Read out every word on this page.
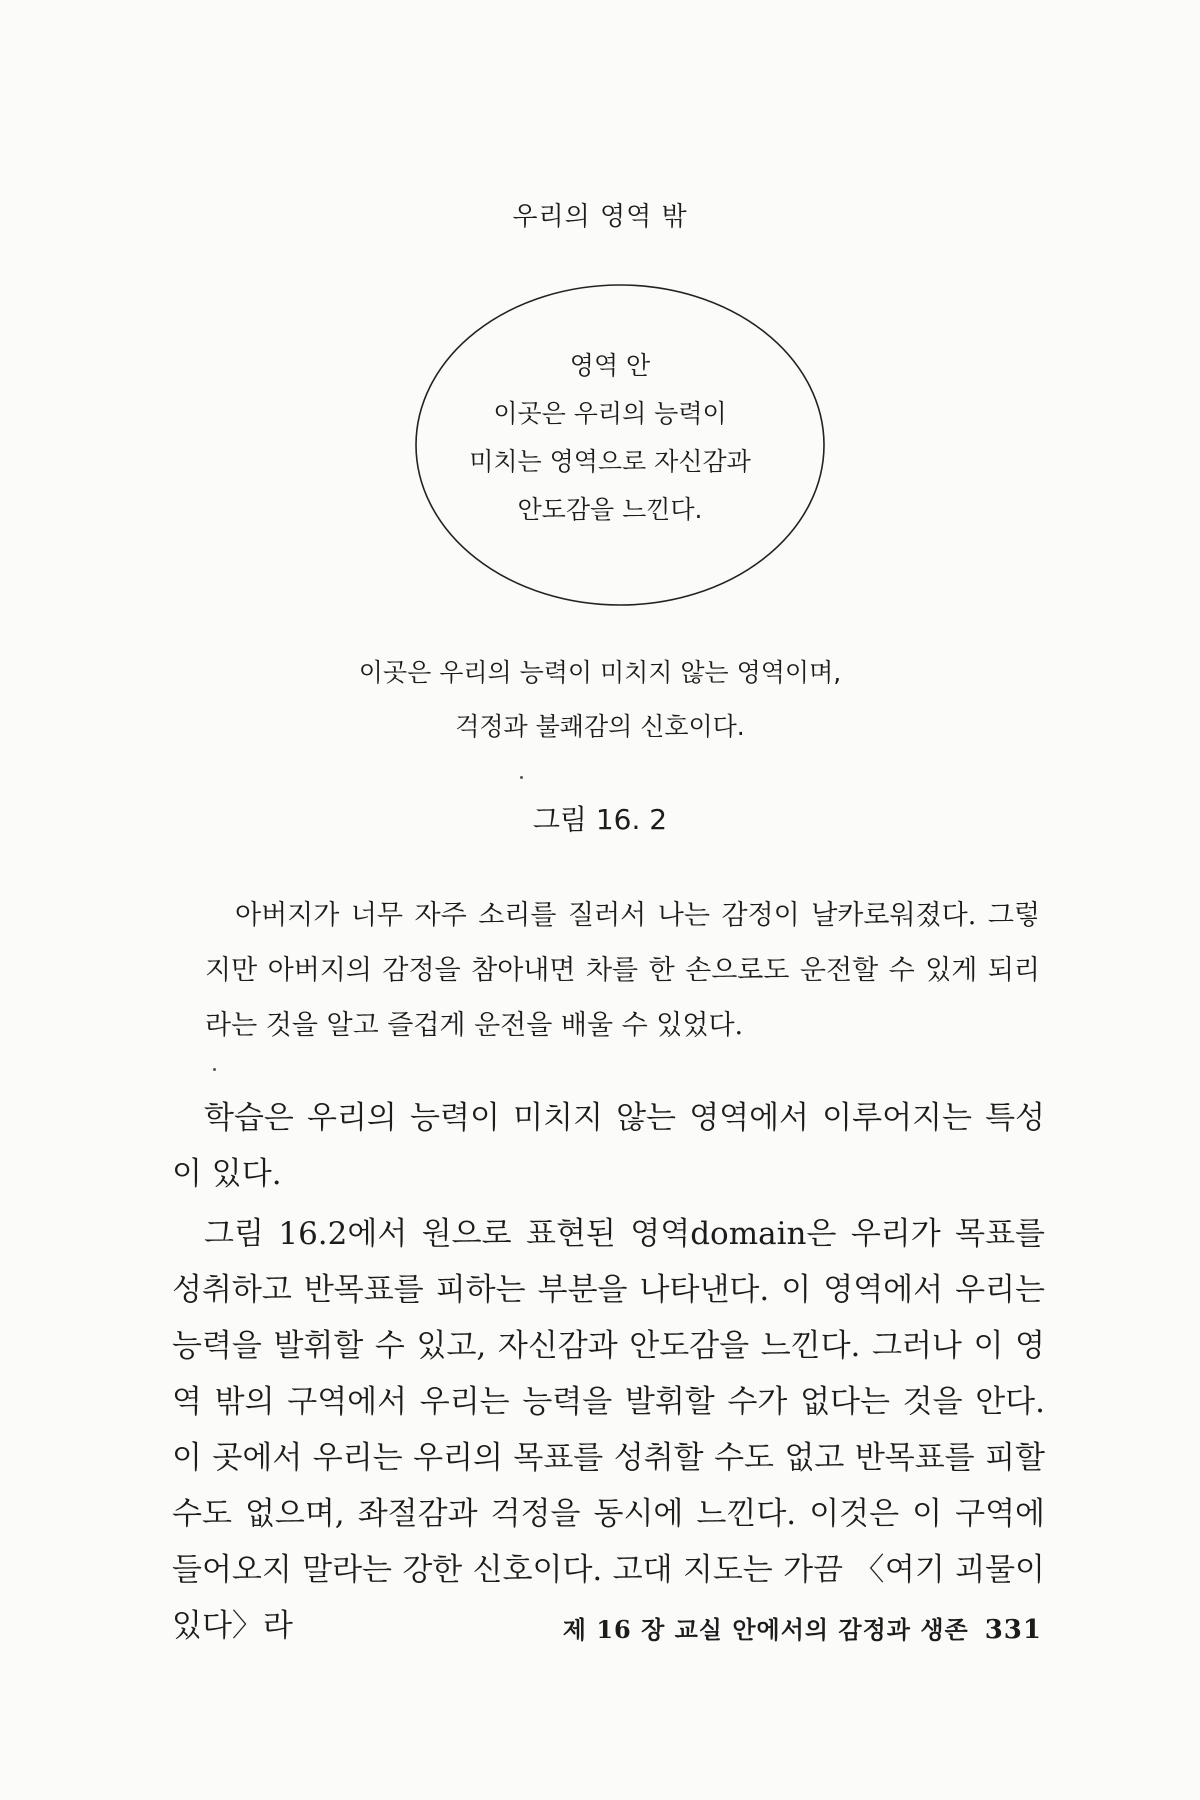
우리의 영역 밖
영역 안
이곳은 우리의 능력이
미치는 영역으로 자신감과
안도감을 느낀다.
이곳은 우리의 능력이 미치지 않는 영역이며,
걱정과 불쾌감의 신호이다.
그림 16. 2

아버지가 너무 자주 소리를 질러서 나는 감정이 날카로워졌다. 그렇지만 아버지의 감정을 참아내면 차를 한 손으로도 운전할 수 있게 되리라는 것을 알고 즐겁게 운전을 배울 수 있었다.

학습은 우리의 능력이 미치지 않는 영역에서 이루어지는 특성이 있다.

그림 16.2에서 원으로 표현된 영역domain은 우리가 목표를 성취하고 반목표를 피하는 부분을 나타낸다. 이 영역에서 우리는 능력을 발휘할 수 있고, 자신감과 안도감을 느낀다. 그러나 이 영역 밖의 구역에서 우리는 능력을 발휘할 수가 없다는 것을 안다. 이 곳에서 우리는 우리의 목표를 성취할 수도 없고 반목표를 피할 수도 없으며, 좌절감과 걱정을 동시에 느낀다. 이것은 이 구역에 들어오지 말라는 강한 신호이다. 고대 지도는 가끔 〈여기 괴물이 있다〉라	제 16 장 교실 안에서의 감정과 생존 331
